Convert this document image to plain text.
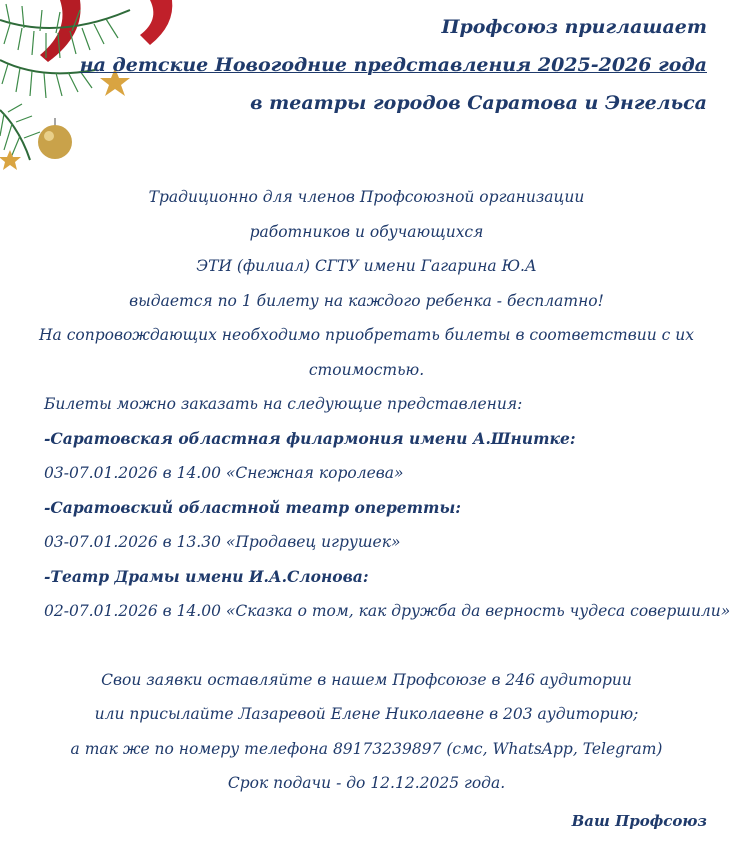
Профсоюз приглашает
на детские Новогодние представления 2025-2026 года
в театры городов Саратова и Энгельса
Традиционно для членов Профсоюзной организации
работников и обучающихся
ЭТИ (филиал) СГТУ имени Гагарина Ю.А
выдается по 1 билету на каждого ребенка - бесплатно!
На сопровождающих необходимо приобретать билеты в соответствии с их
стоимостью.
Билеты можно заказать на следующие представления:
-Саратовская областная филармония имени А.Шнитке:
03-07.01.2026 в 14.00 «Снежная королева»
-Саратовский областной театр оперетты:
03-07.01.2026 в 13.30 «Продавец игрушек»
-Театр Драмы имени И.А.Слонова:
02-07.01.2026 в 14.00 «Сказка о том, как дружба да верность чудеса совершили»
Свои заявки оставляйте в нашем Профсоюзе в 246 аудитории
или присылайте Лазаревой Елене Николаевне в 203 аудиторию;
а так же по номеру телефона 89173239897 (смс, WhatsApp, Telegram)
Срок подачи - до 12.12.2025 года.
Ваш Профсоюз
